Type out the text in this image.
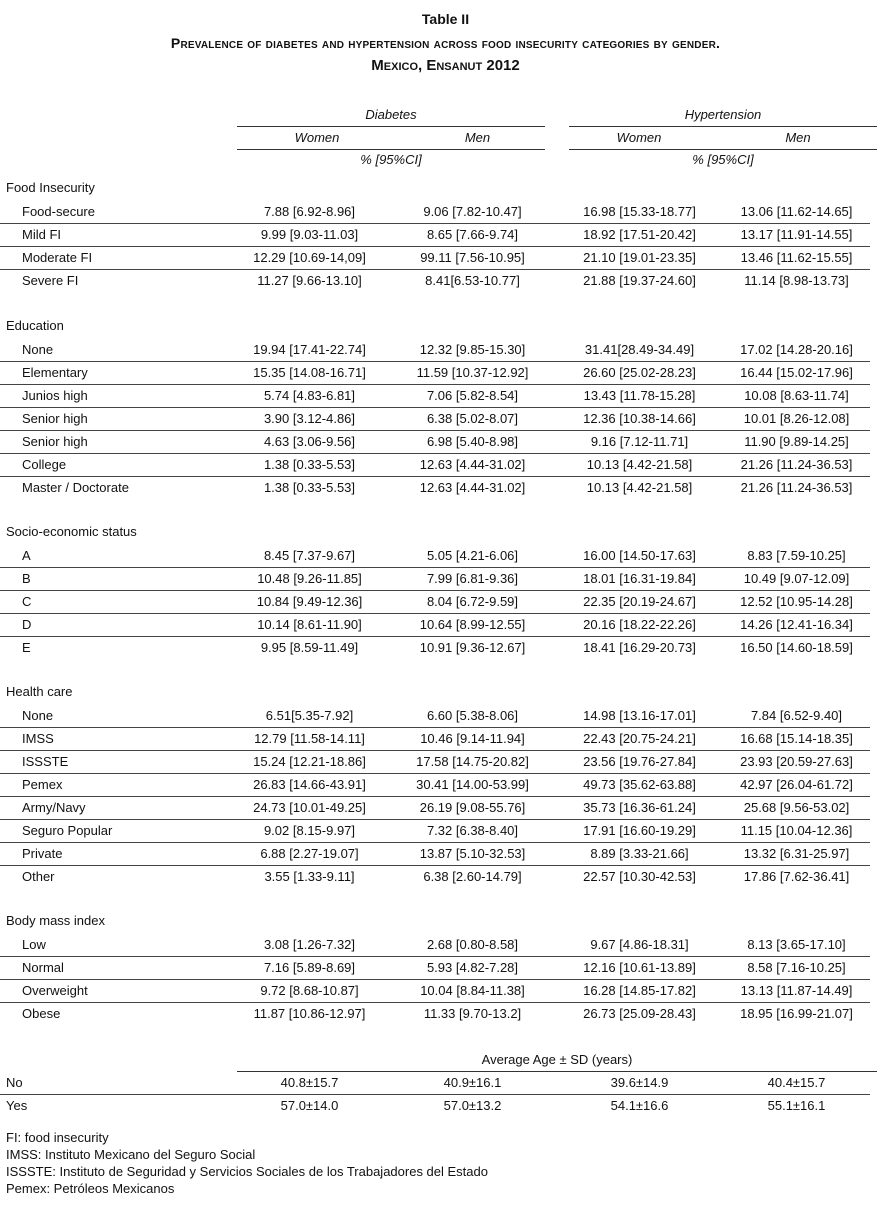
Table II
Prevalence of diabetes and hypertension across food insecurity categories by gender.
Mexico, Ensanut 2012
Diabetes	Hypertension
Women	Men	Women	Men
% [95%CI]	% [95%CI]
Food Insecurity
Food-secure	7.88 [6.92-8.96]	9.06 [7.82-10.47]	16.98 [15.33-18.77]	13.06 [11.62-14.65]
Mild FI	9.99 [9.03-11.03]	8.65 [7.66-9.74]	18.92 [17.51-20.42]	13.17 [11.91-14.55]
Moderate FI	12.29 [10.69-14,09]	99.11 [7.56-10.95]	21.10 [19.01-23.35]	13.46 [11.62-15.55]
Severe FI	11.27 [9.66-13.10]	8.41[6.53-10.77]	21.88 [19.37-24.60]	11.14 [8.98-13.73]
Education
None	19.94 [17.41-22.74]	12.32 [9.85-15.30]	31.41[28.49-34.49]	17.02 [14.28-20.16]
Elementary	15.35 [14.08-16.71]	11.59 [10.37-12.92]	26.60 [25.02-28.23]	16.44 [15.02-17.96]
Junios high	5.74 [4.83-6.81]	7.06 [5.82-8.54]	13.43 [11.78-15.28]	10.08 [8.63-11.74]
Senior high	3.90 [3.12-4.86]	6.38 [5.02-8.07]	12.36 [10.38-14.66]	10.01 [8.26-12.08]
Senior high	4.63 [3.06-9.56]	6.98 [5.40-8.98]	9.16 [7.12-11.71]	11.90 [9.89-14.25]
College	1.38 [0.33-5.53]	12.63 [4.44-31.02]	10.13 [4.42-21.58]	21.26 [11.24-36.53]
Master / Doctorate	1.38 [0.33-5.53]	12.63 [4.44-31.02]	10.13 [4.42-21.58]	21.26 [11.24-36.53]
Socio-economic status
A	8.45 [7.37-9.67]	5.05 [4.21-6.06]	16.00 [14.50-17.63]	8.83 [7.59-10.25]
B	10.48 [9.26-11.85]	7.99 [6.81-9.36]	18.01 [16.31-19.84]	10.49 [9.07-12.09]
C	10.84 [9.49-12.36]	8.04 [6.72-9.59]	22.35 [20.19-24.67]	12.52 [10.95-14.28]
D	10.14 [8.61-11.90]	10.64 [8.99-12.55]	20.16 [18.22-22.26]	14.26 [12.41-16.34]
E	9.95 [8.59-11.49]	10.91 [9.36-12.67]	18.41 [16.29-20.73]	16.50 [14.60-18.59]
Health care
None	6.51[5.35-7.92]	6.60 [5.38-8.06]	14.98 [13.16-17.01]	7.84 [6.52-9.40]
IMSS	12.79 [11.58-14.11]	10.46 [9.14-11.94]	22.43 [20.75-24.21]	16.68 [15.14-18.35]
ISSSTE	15.24 [12.21-18.86]	17.58 [14.75-20.82]	23.56 [19.76-27.84]	23.93 [20.59-27.63]
Pemex	26.83 [14.66-43.91]	30.41 [14.00-53.99]	49.73 [35.62-63.88]	42.97 [26.04-61.72]
Army/Navy	24.73 [10.01-49.25]	26.19 [9.08-55.76]	35.73 [16.36-61.24]	25.68 [9.56-53.02]
Seguro Popular	9.02 [8.15-9.97]	7.32 [6.38-8.40]	17.91 [16.60-19.29]	11.15 [10.04-12.36]
Private	6.88 [2.27-19.07]	13.87 [5.10-32.53]	8.89 [3.33-21.66]	13.32 [6.31-25.97]
Other	3.55 [1.33-9.11]	6.38 [2.60-14.79]	22.57 [10.30-42.53]	17.86 [7.62-36.41]
Body mass index
Low	3.08 [1.26-7.32]	2.68 [0.80-8.58]	9.67 [4.86-18.31]	8.13 [3.65-17.10]
Normal	7.16 [5.89-8.69]	5.93 [4.82-7.28]	12.16 [10.61-13.89]	8.58 [7.16-10.25]
Overweight	9.72 [8.68-10.87]	10.04 [8.84-11.38]	16.28 [14.85-17.82]	13.13 [11.87-14.49]
Obese	11.87 [10.86-12.97]	11.33 [9.70-13.2]	26.73 [25.09-28.43]	18.95 [16.99-21.07]
Average Age ± SD (years)
No	40.8±15.7	40.9±16.1	39.6±14.9	40.4±15.7
Yes	57.0±14.0	57.0±13.2	54.1±16.6	55.1±16.1
FI: food insecurity
IMSS: Instituto Mexicano del Seguro Social
ISSSTE: Instituto de Seguridad y Servicios Sociales de los Trabajadores del Estado
Pemex: Petróleos Mexicanos
